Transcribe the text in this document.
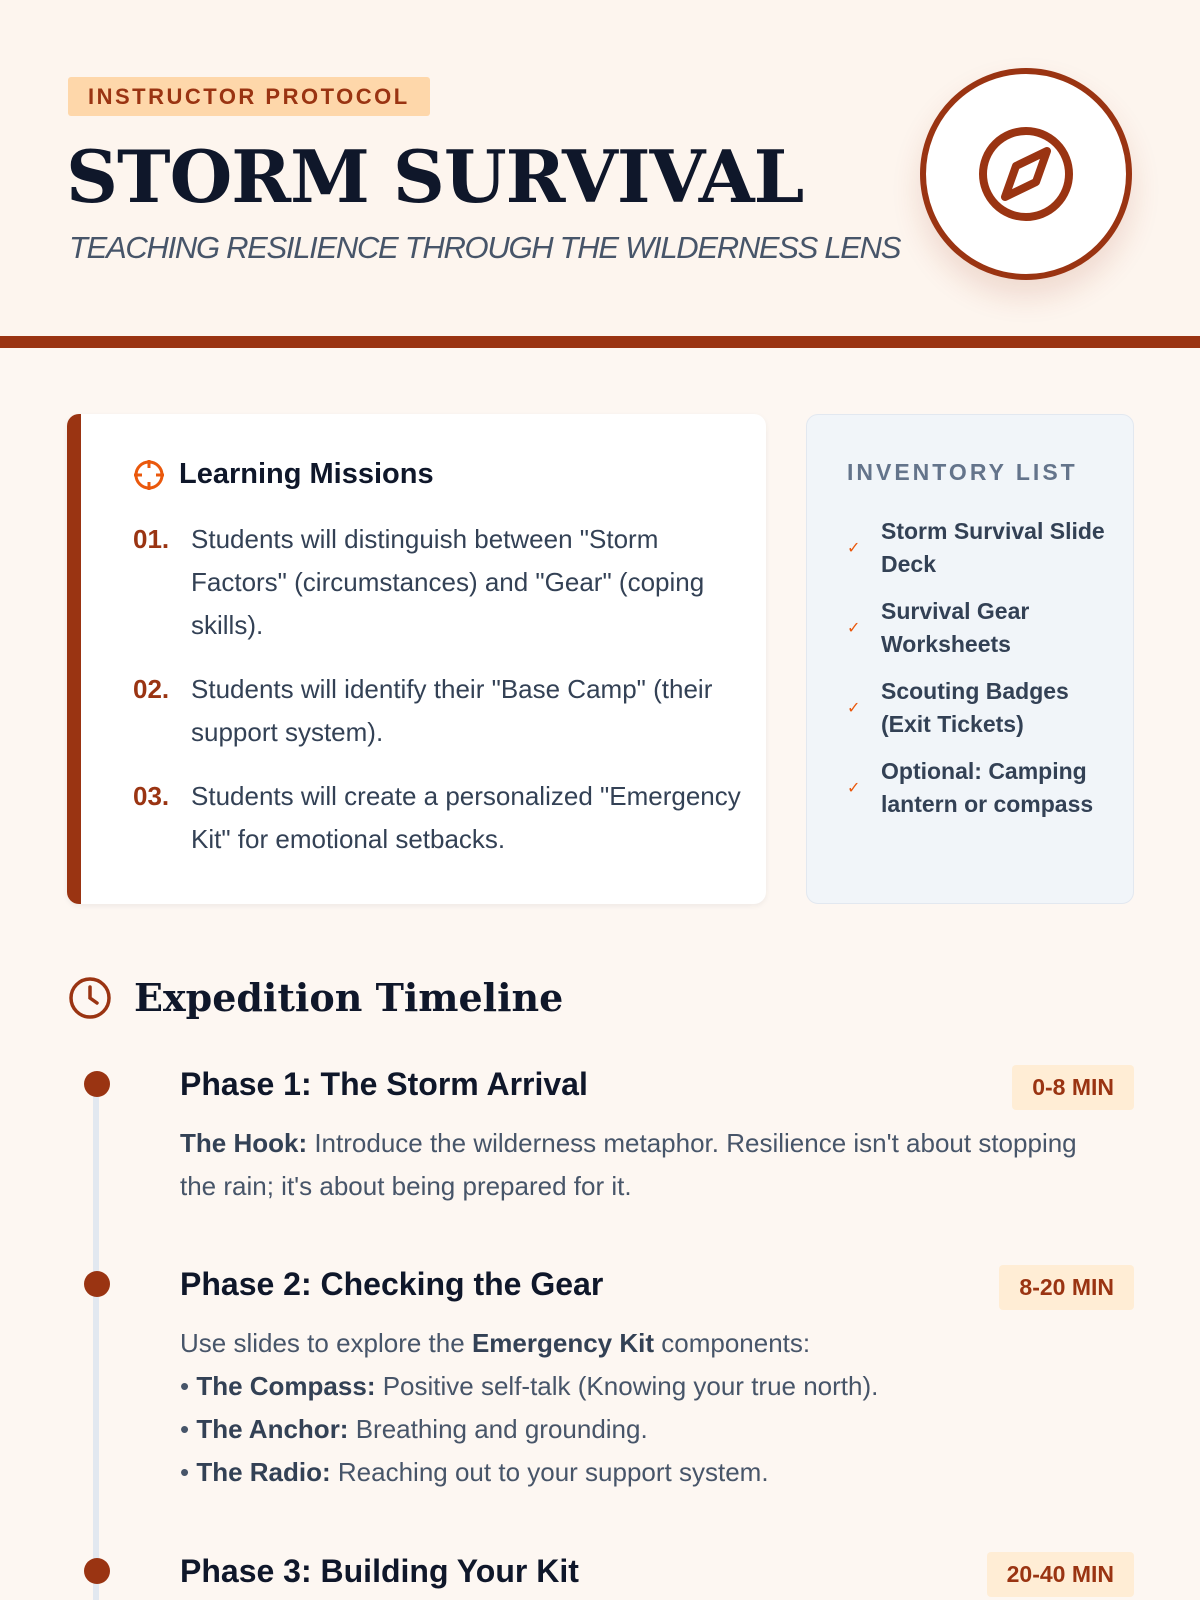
INSTRUCTOR PROTOCOL
STORM SURVIVAL
TEACHING RESILIENCE THROUGH THE WILDERNESS LENS
Learning Missions
01. Students will distinguish between "Storm Factors" (circumstances) and "Gear" (coping skills).
02. Students will identify their "Base Camp" (their support system).
03. Students will create a personalized "Emergency Kit" for emotional setbacks.
INVENTORY LIST
✓
Storm Survival Slide Deck
✓
Survival Gear Worksheets
✓
Scouting Badges (Exit Tickets)
✓
Optional: Camping lantern or compass
Expedition Timeline
Phase 1: The Storm Arrival	0-8 MIN
The Hook: Introduce the wilderness metaphor. Resilience isn't about stopping the rain; it's about being prepared for it.
Phase 2: Checking the Gear	8-20 MIN
Use slides to explore the Emergency Kit components:
• The Compass: Positive self-talk (Knowing your true north).
• The Anchor: Breathing and grounding.
• The Radio: Reaching out to your support system.
Phase 3: Building Your Kit	20-40 MIN
